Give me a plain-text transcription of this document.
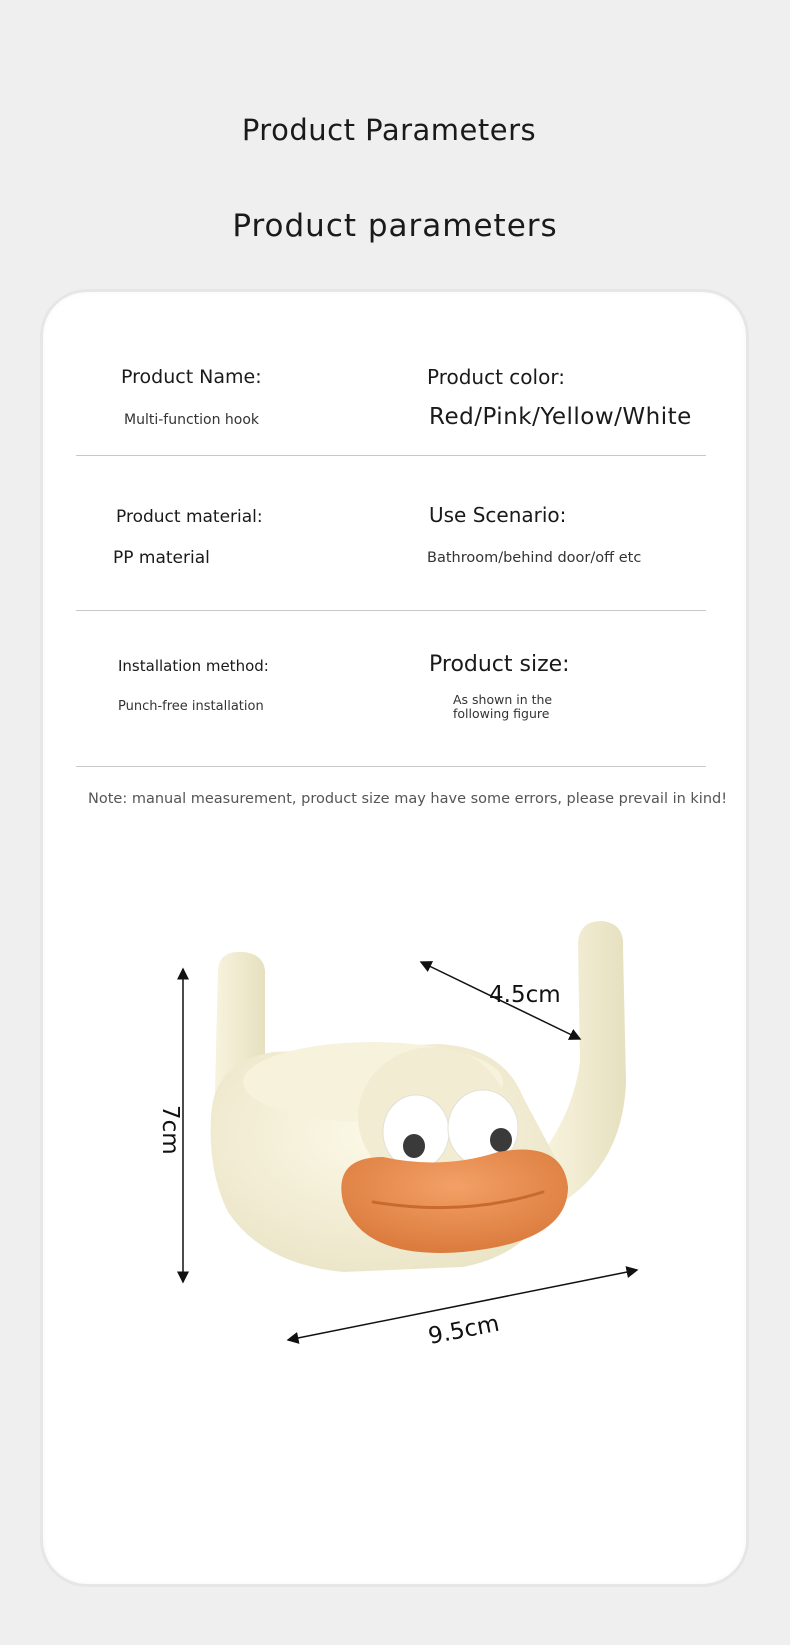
Product Parameters
Product parameters
Product Name:
Multi-function hook
Product color:
Red/Pink/Yellow/White
Product material:
PP material
Use Scenario:
Bathroom/behind door/off etc
Installation method:
Punch-free installation
Product size:
As shown in the
following figure
Note: manual measurement, product size may have some errors, please prevail in kind!
7cm
4.5cm
9.5cm
